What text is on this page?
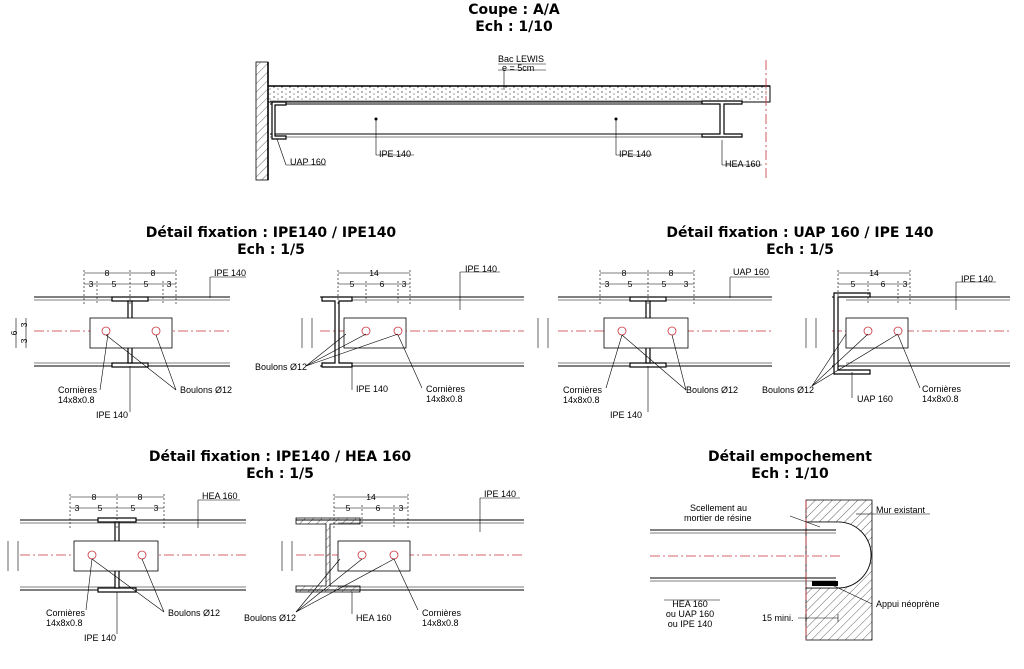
Coupe : A/A
Ech : 1/10
Bac LEWIS
e = 5cm
UAP 160
IPE 140	IPE 140
HEA 160
Détail fixation : IPE140 / IPE140
Ech : 1/5
8	8
3 5	5 3
6
3
3
IPE 140
Cornières
14x8x0.8
IPE 140
Boulons Ø12
14
5	6 3
IPE 140
Boulons Ø12
IPE 140	Cornières
14x8x0.8
Détail fixation : UAP 160 / IPE 140
Ech : 1/5
8	8
3 5	5 3
UAP 160
Cornières
14x8x0.8
IPE 140
Boulons Ø12
14
5	6 3	IPE 140
Boulons Ø12
UAP 160
Cornières
14x8x0.8
Détail fixation : IPE140 / HEA 160
Ech : 1/5
8	8
3 5	5 3
HEA 160
Cornières
14x8x0.8
IPE 140
Boulons Ø12
14
5	6 3
IPE 140
Boulons Ø12	HEA 160	Cornières
14x8x0.8
Détail empochement
Ech : 1/10
Scellement au
mortier de résine
Mur existant
Appui néoprène
15 mini.
HEA 160
ou UAP 160
ou IPE 140
